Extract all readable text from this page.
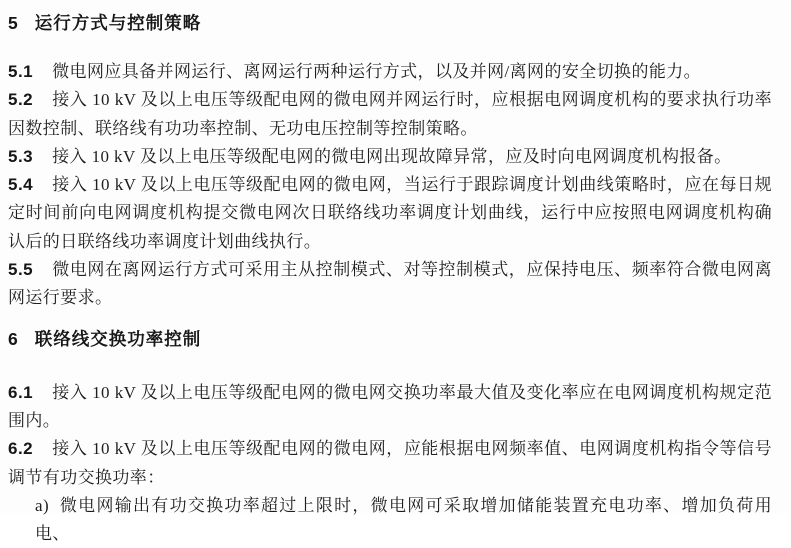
5 运行方式与控制策略

5.1 微电网应具备并网运行、离网运行两种运行方式，以及并网/离网的安全切换的能力。

5.2 接入 10 kV 及以上电压等级配电网的微电网并网运行时，应根据电网调度机构的要求执行功率因数控制、联络线有功功率控制、无功电压控制等控制策略。

5.3 接入 10 kV 及以上电压等级配电网的微电网出现故障异常，应及时向电网调度机构报备。

5.4 接入 10 kV 及以上电压等级配电网的微电网，当运行于跟踪调度计划曲线策略时，应在每日规定时间前向电网调度机构提交微电网次日联络线功率调度计划曲线，运行中应按照电网调度机构确认后的日联络线功率调度计划曲线执行。

5.5 微电网在离网运行方式可采用主从控制模式、对等控制模式，应保持电压、频率符合微电网离网运行要求。

6 联络线交换功率控制

6.1 接入 10 kV 及以上电压等级配电网的微电网交换功率最大值及变化率应在电网调度机构规定范围内。

6.2 接入 10 kV 及以上电压等级配电网的微电网，应能根据电网频率值、电网调度机构指令等信号调节有功交换功率：

a) 微电网输出有功交换功率超过上限时，微电网可采取增加储能装置充电功率、增加负荷用电、
